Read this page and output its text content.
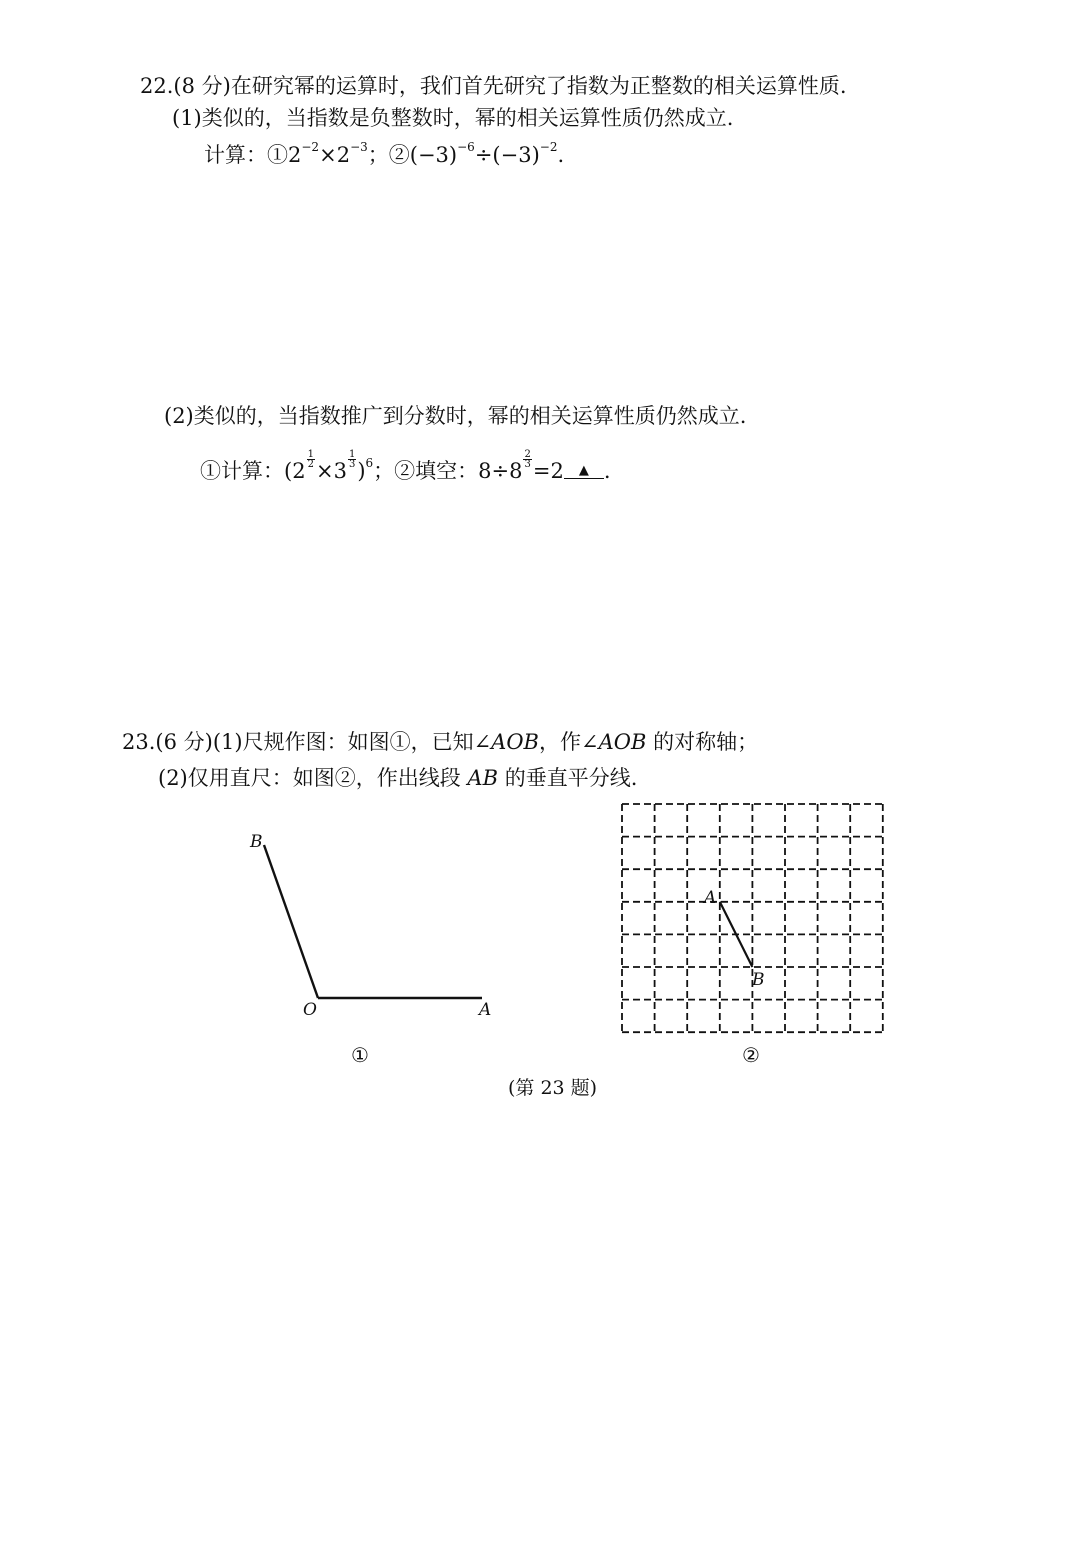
22.(8 分)在研究幂的运算时，我们首先研究了指数为正整数的相关运算性质.
(1)类似的，当指数是负整数时，幂的相关运算性质仍然成立.
计算：$①2^{-2}\times 2^{-3}$；$②(-3)^{-6}\div(-3)^{-2}$.
(2)类似的，当指数推广到分数时，幂的相关运算性质仍然成立.
①计算：$(2 \frac{1}{2} \times 3 \frac{1}{3} )^6$；②填空：$8\div 8 \frac{2}{3} =2$ ▲ .
23.(6 分)(1)尺规作图：如图①，已知∠AOB，作∠AOB 的对称轴；
(2)仅用直尺：如图②，作出线段 AB 的垂直平分线.
B
O	A
①
A
B
②
(第 23 题)
